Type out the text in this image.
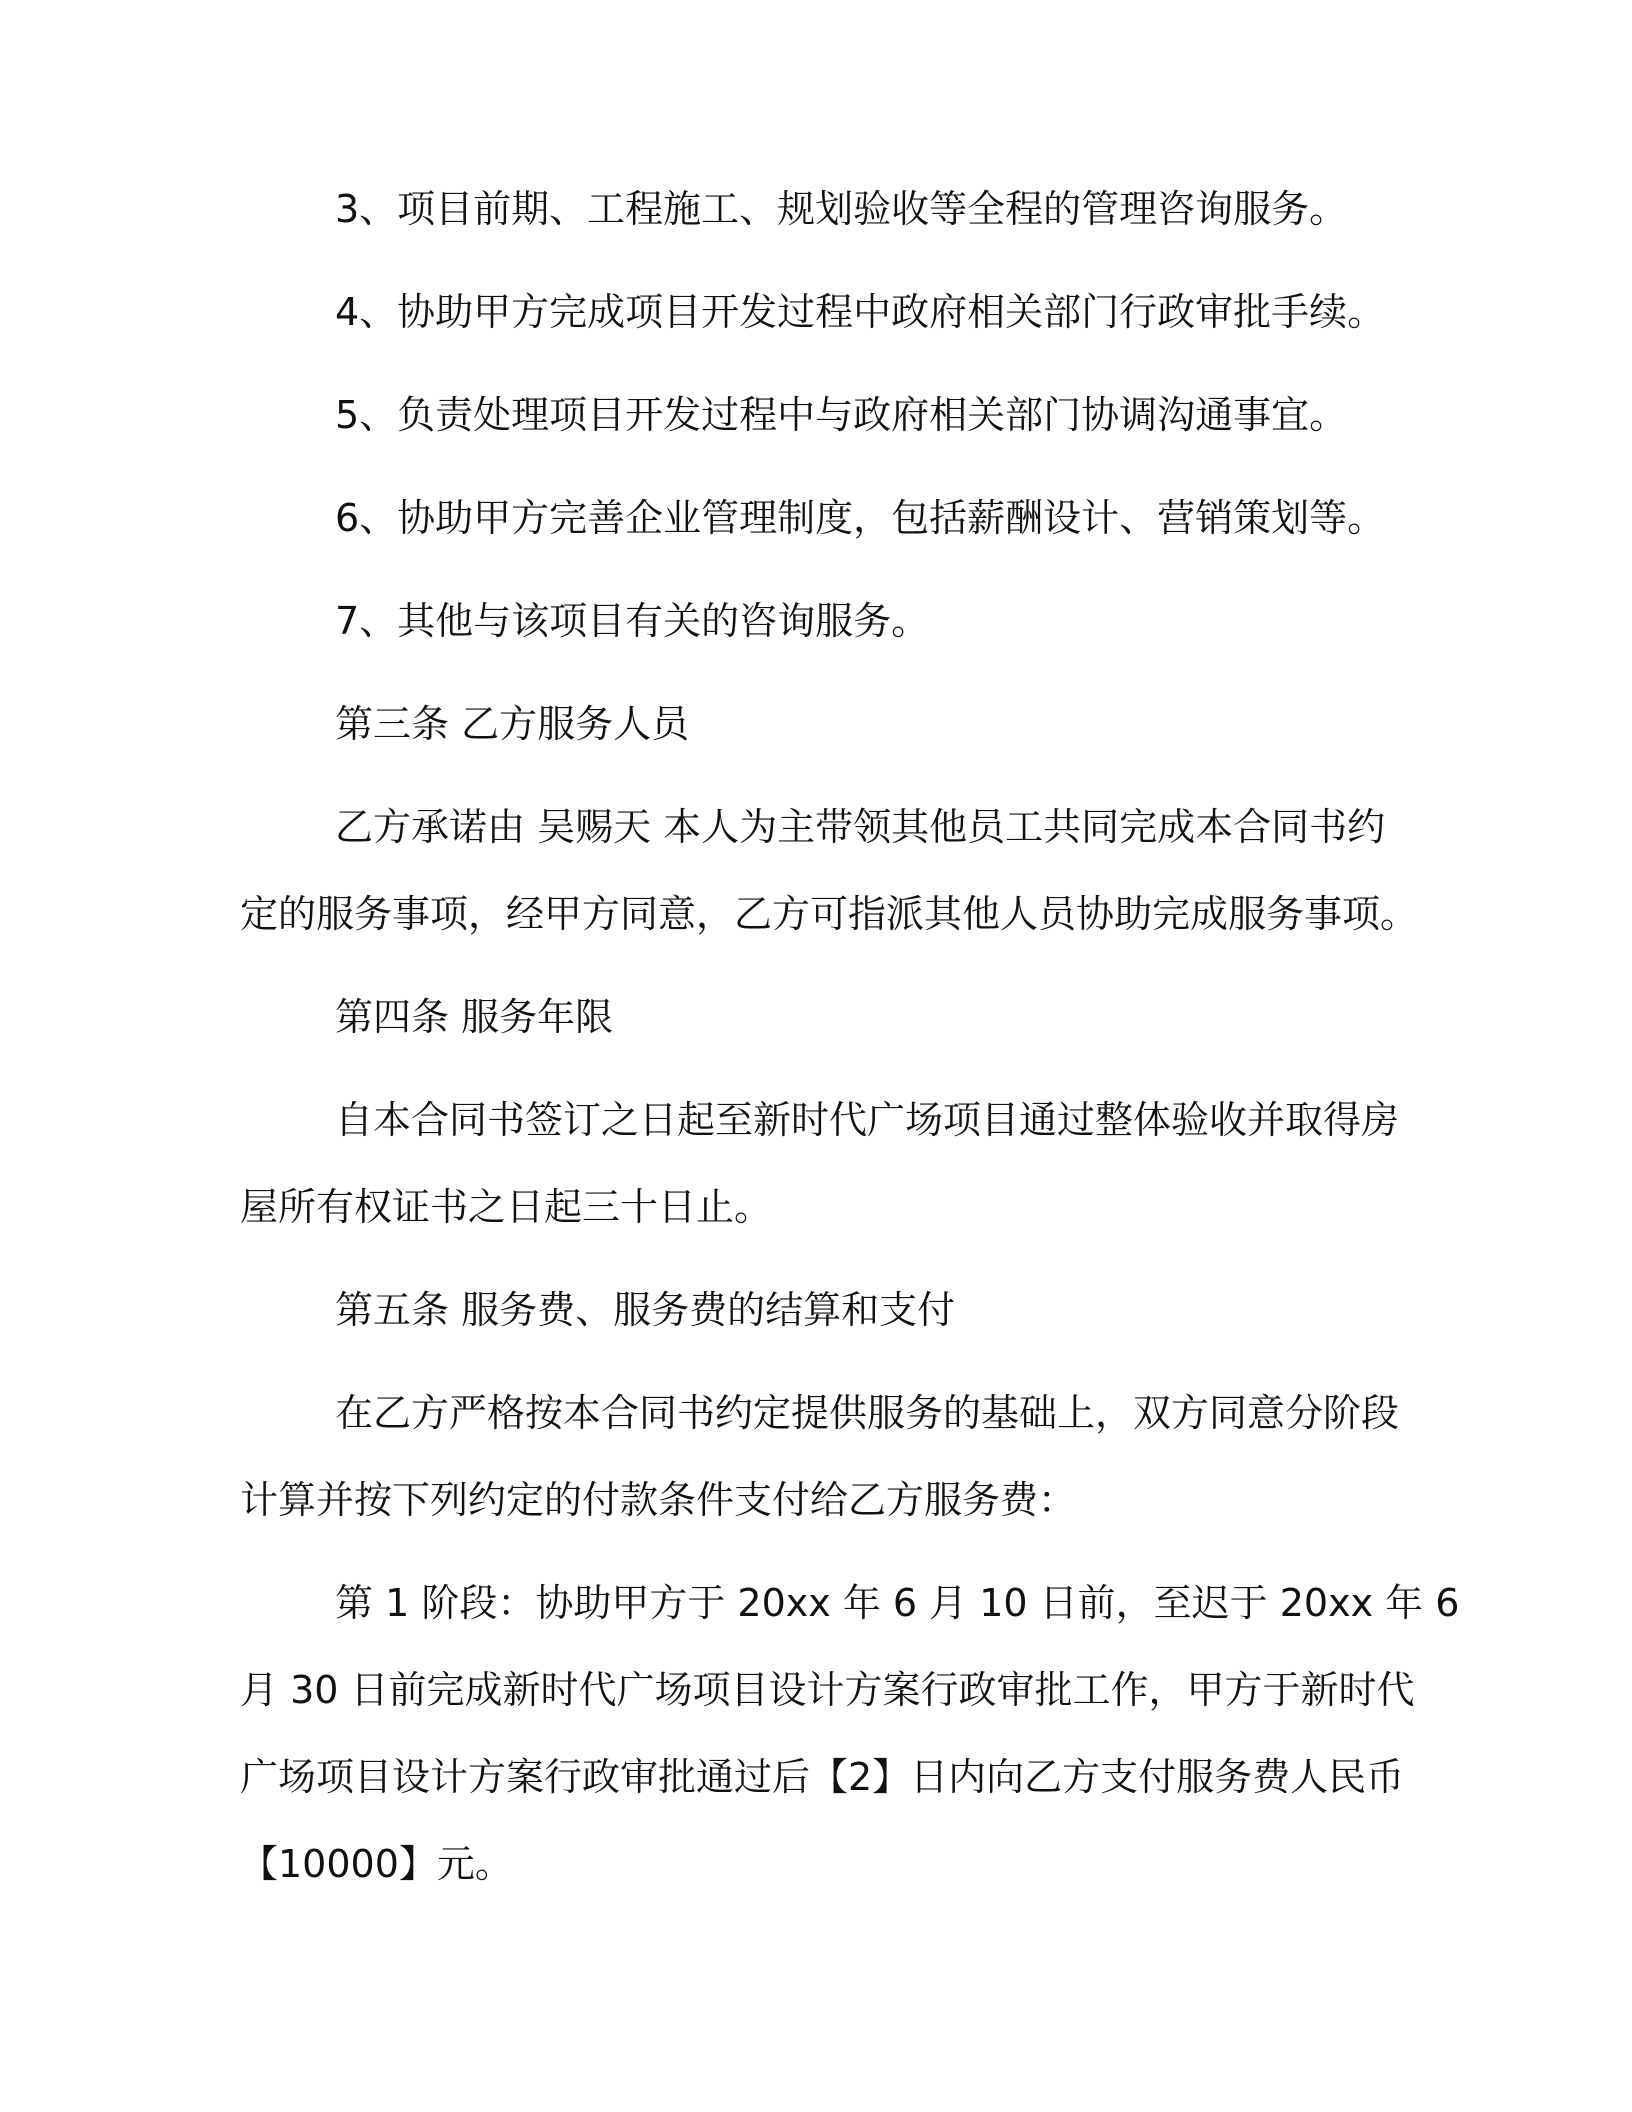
3、项目前期、工程施工、规划验收等全程的管理咨询服务。

4、协助甲方完成项目开发过程中政府相关部门行政审批手续。

5、负责处理项目开发过程中与政府相关部门协调沟通事宜。

6、协助甲方完善企业管理制度，包括薪酬设计、营销策划等。

7、其他与该项目有关的咨询服务。

第三条 乙方服务人员

乙方承诺由 吴赐天 本人为主带领其他员工共同完成本合同书约
定的服务事项，经甲方同意，乙方可指派其他人员协助完成服务事项。

第四条 服务年限

自本合同书签订之日起至新时代广场项目通过整体验收并取得房
屋所有权证书之日起三十日止。

第五条 服务费、服务费的结算和支付

在乙方严格按本合同书约定提供服务的基础上，双方同意分阶段
计算并按下列约定的付款条件支付给乙方服务费：

第 1 阶段：协助甲方于 20xx 年 6 月 10 日前，至迟于 20xx 年 6
月 30 日前完成新时代广场项目设计方案行政审批工作，甲方于新时代
广场项目设计方案行政审批通过后【2】日内向乙方支付服务费人民币
【10000】元。
